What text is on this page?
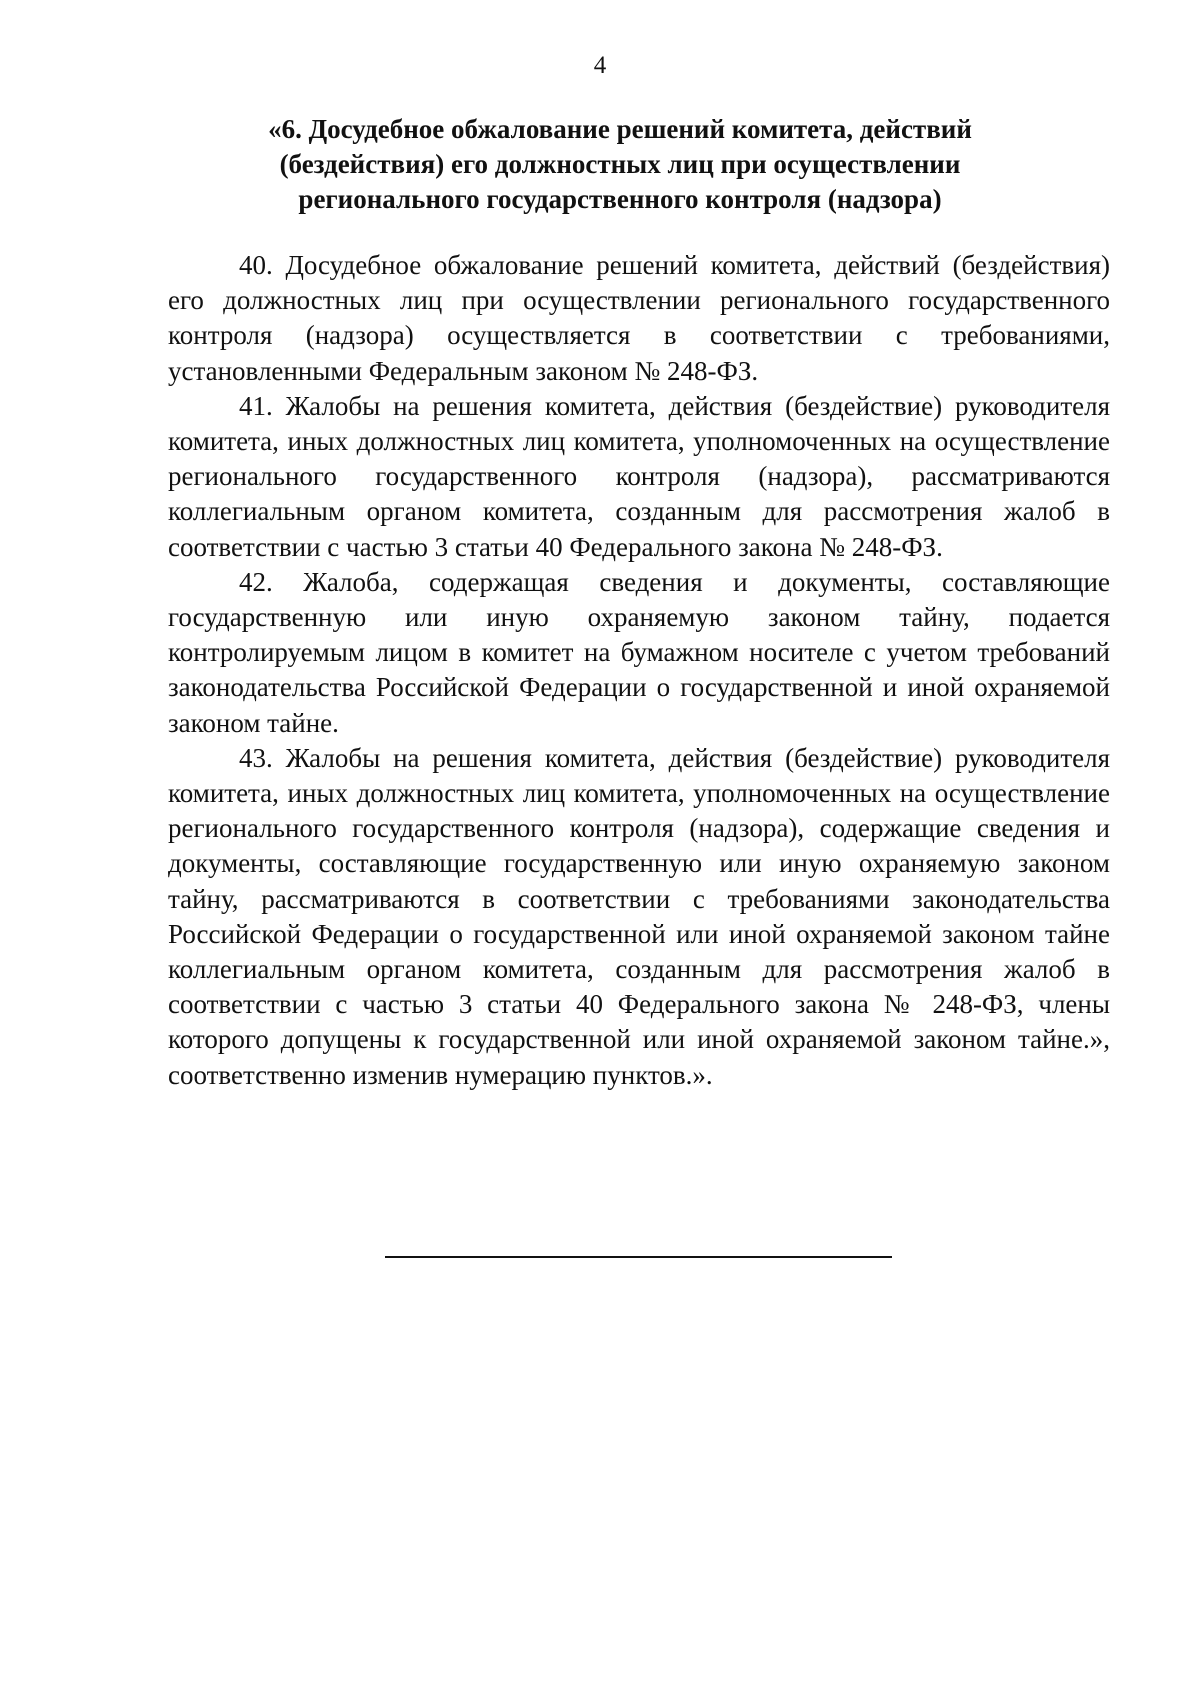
4
«6. Досудебное обжалование решений комитета, действий
(бездействия) его должностных лиц при осуществлении
регионального государственного контроля (надзора)

40. Досудебное обжалование решений комитета, действий (бездействия) его должностных лиц при осуществлении регионального государственного контроля (надзора) осуществляется в соответствии с требованиями, установленными Федеральным законом № 248-ФЗ.

41. Жалобы на решения комитета, действия (бездействие) руководителя комитета, иных должностных лиц комитета, уполномоченных на осуществление регионального государственного контроля (надзора), рассматриваются коллегиальным органом комитета, созданным для рассмотрения жалоб в соответствии с частью 3 статьи 40 Федерального закона № 248-ФЗ.

42. Жалоба, содержащая сведения и документы, составляющие государственную или иную охраняемую законом тайну, подается контролируемым лицом в комитет на бумажном носителе с учетом требований законодательства Российской Федерации о государственной и иной охраняемой законом тайне.

43. Жалобы на решения комитета, действия (бездействие) руководителя комитета, иных должностных лиц комитета, уполномоченных на осуществление регионального государственного контроля (надзора), содержащие сведения и документы, составляющие государственную или иную охраняемую законом тайну, рассматриваются в соответствии с требованиями законодательства Российской Федерации о государственной или иной охраняемой законом тайне коллегиальным органом комитета, созданным для рассмотрения жалоб в соответствии с частью 3 статьи 40 Федерального закона № 248-ФЗ, члены которого допущены к государственной или иной охраняемой законом тайне.», соответственно изменив нумерацию пунктов.».
